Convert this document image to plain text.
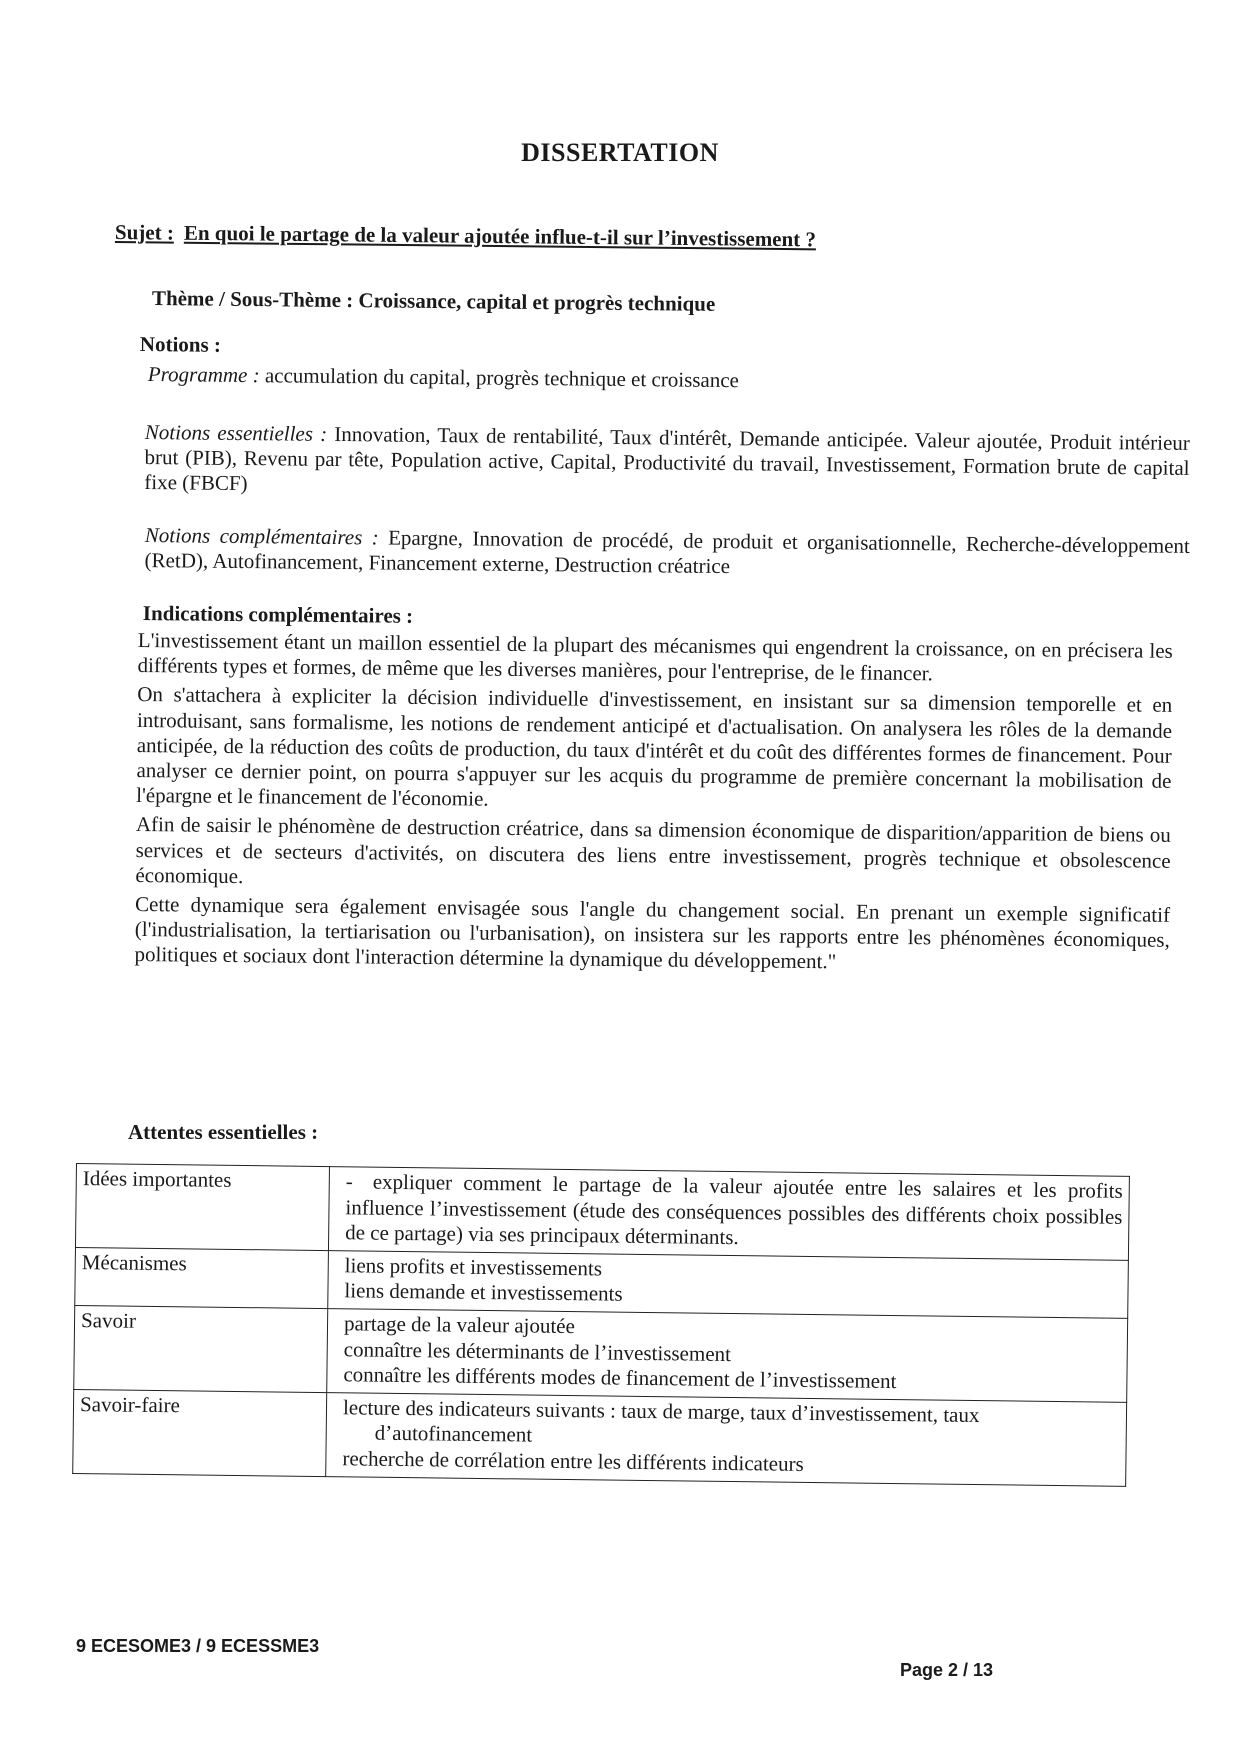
DISSERTATION
Sujet : En quoi le partage de la valeur ajoutée influe-t-il sur l’investissement ?
Thème / Sous-Thème : Croissance, capital et progrès technique
Notions :
Programme : accumulation du capital, progrès technique et croissance
Notions essentielles : Innovation, Taux de rentabilité, Taux d'intérêt, Demande anticipée. Valeur ajoutée, Produit intérieur brut (PIB), Revenu par tête, Population active, Capital, Productivité du travail, Investissement, Formation brute de capital fixe (FBCF)
Notions complémentaires : Epargne, Innovation de procédé, de produit et organisationnelle, Recherche-développement (RetD), Autofinancement, Financement externe, Destruction créatrice
Indications complémentaires :

L'investissement étant un maillon essentiel de la plupart des mécanismes qui engendrent la croissance, on en précisera les différents types et formes, de même que les diverses manières, pour l'entreprise, de le financer.

On s'attachera à expliciter la décision individuelle d'investissement, en insistant sur sa dimension temporelle et en introduisant, sans formalisme, les notions de rendement anticipé et d'actualisation. On analysera les rôles de la demande anticipée, de la réduction des coûts de production, du taux d'intérêt et du coût des différentes formes de financement. Pour analyser ce dernier point, on pourra s'appuyer sur les acquis du programme de première concernant la mobilisation de l'épargne et le financement de l'économie.

Afin de saisir le phénomène de destruction créatrice, dans sa dimension économique de disparition/apparition de biens ou services et de secteurs d'activités, on discutera des liens entre investissement, progrès technique et obsolescence économique.

Cette dynamique sera également envisagée sous l'angle du changement social. En prenant un exemple significatif (l'industrialisation, la tertiarisation ou l'urbanisation), on insistera sur les rapports entre les phénomènes économiques, politiques et sociaux dont l'interaction détermine la dynamique du développement."

Attentes essentielles :
Idées importantes	- expliquer comment le partage de la valeur ajoutée entre les salaires et les profits influence l’investissement (étude des conséquences possibles des différents choix possibles de ce partage) via ses principaux déterminants.
Mécanismes	liens profits et investissements
liens demande et investissements

Savoir	partage de la valeur ajoutée
connaître les déterminants de l’investissement
connaître les différents modes de financement de l’investissement

Savoir-faire	lecture des indicateurs suivants : taux de marge, taux d’investissement, taux
d’autofinancement
recherche de corrélation entre les différents indicateurs
9 ECESOME3 / 9 ECESSME3
Page 2 / 13
